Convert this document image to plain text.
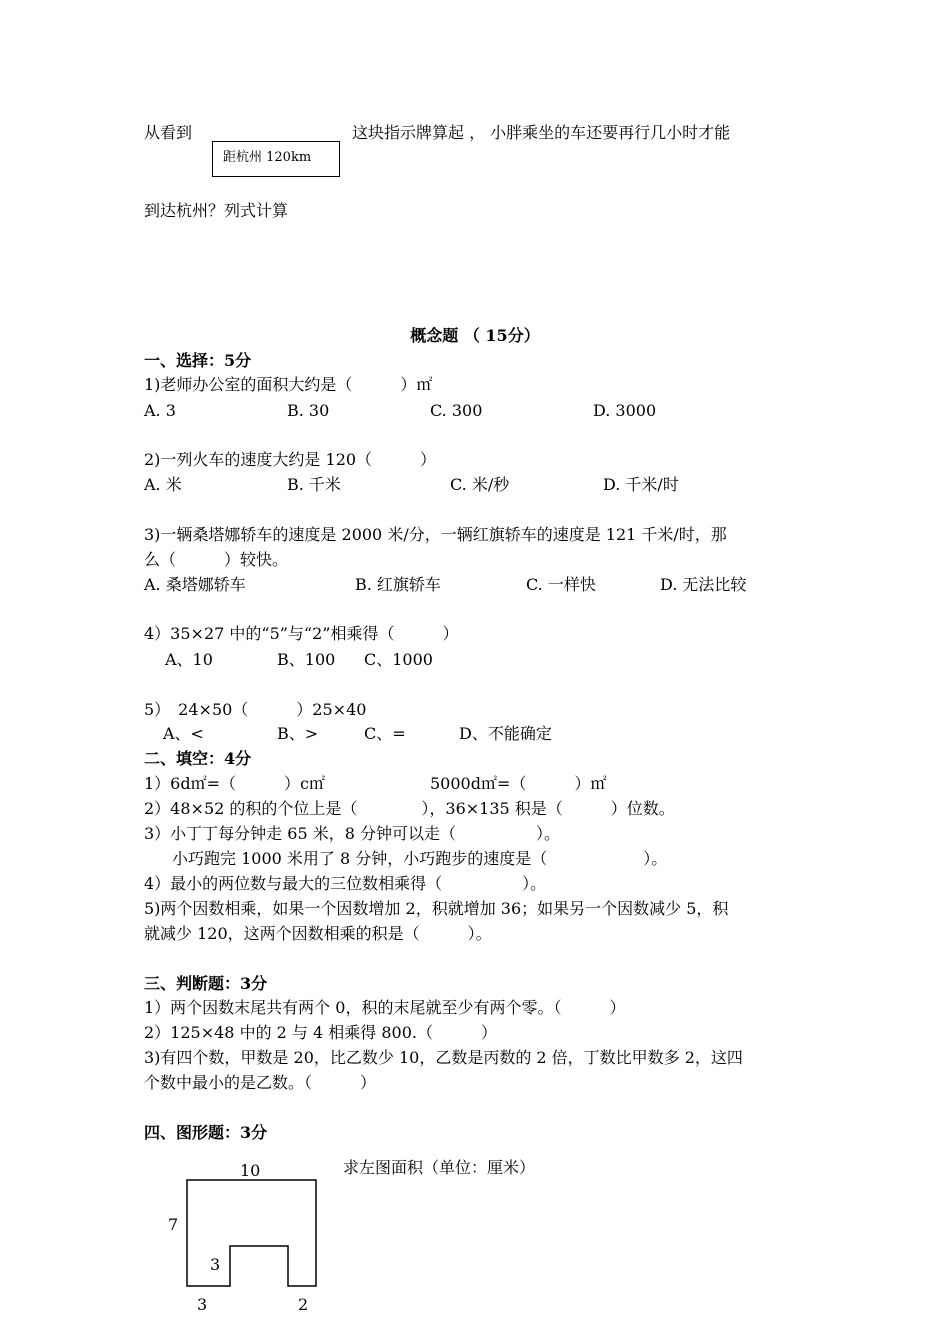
从看到
距杭州 120km
这块指示牌算起 ， 小胖乘坐的车还要再行几小时才能
到达杭州？列式计算
概念题 （ 15分）
一、选择：5分
1)老师办公室的面积大约是（　　　）㎡
A. 3	B. 30	C. 300	D. 3000
2)一列火车的速度大约是 120（　　　）
A. 米	B. 千米	C. 米/秒	D. 千米/时
3)一辆桑塔娜轿车的速度是 2000 米/分，一辆红旗轿车的速度是 121 千米/时，那
么（　　　）较快。
A. 桑塔娜轿车	B. 红旗轿车	C. 一样快	D. 无法比较
4）35×27 中的“5”与“2”相乘得（　　　）
A、10	B、100 C、1000
5）　24×50（　　　）25×40
A、<	B、>	C、=	D、不能确定
二、填空：4分
1）6d㎡=（　　　）c㎡	5000d㎡=（　　　）㎡
2）48×52 的积的个位上是（　　　　），36×135 积是（　　　）位数。
3）小丁丁每分钟走 65 米，8 分钟可以走（　　　　　）。
小巧跑完 1000 米用了 8 分钟，小巧跑步的速度是（　　　　　　）。
4）最小的两位数与最大的三位数相乘得（　　　　　）。
5)两个因数相乘，如果一个因数增加 2，积就增加 36；如果另一个因数减少 5，积
就减少 120，这两个因数相乘的积是（　　　）。
三、判断题：3分
1）两个因数末尾共有两个 0，积的末尾就至少有两个零。（　　　）
2）125×48 中的 2 与 4 相乘得 800.（　　　）
3)有四个数，甲数是 20，比乙数少 10，乙数是丙数的 2 倍，丁数比甲数多 2，这四
个数中最小的是乙数。（　　　）
四、图形题：3分
求左图面积（单位：厘米）
10
7
3
3	2
